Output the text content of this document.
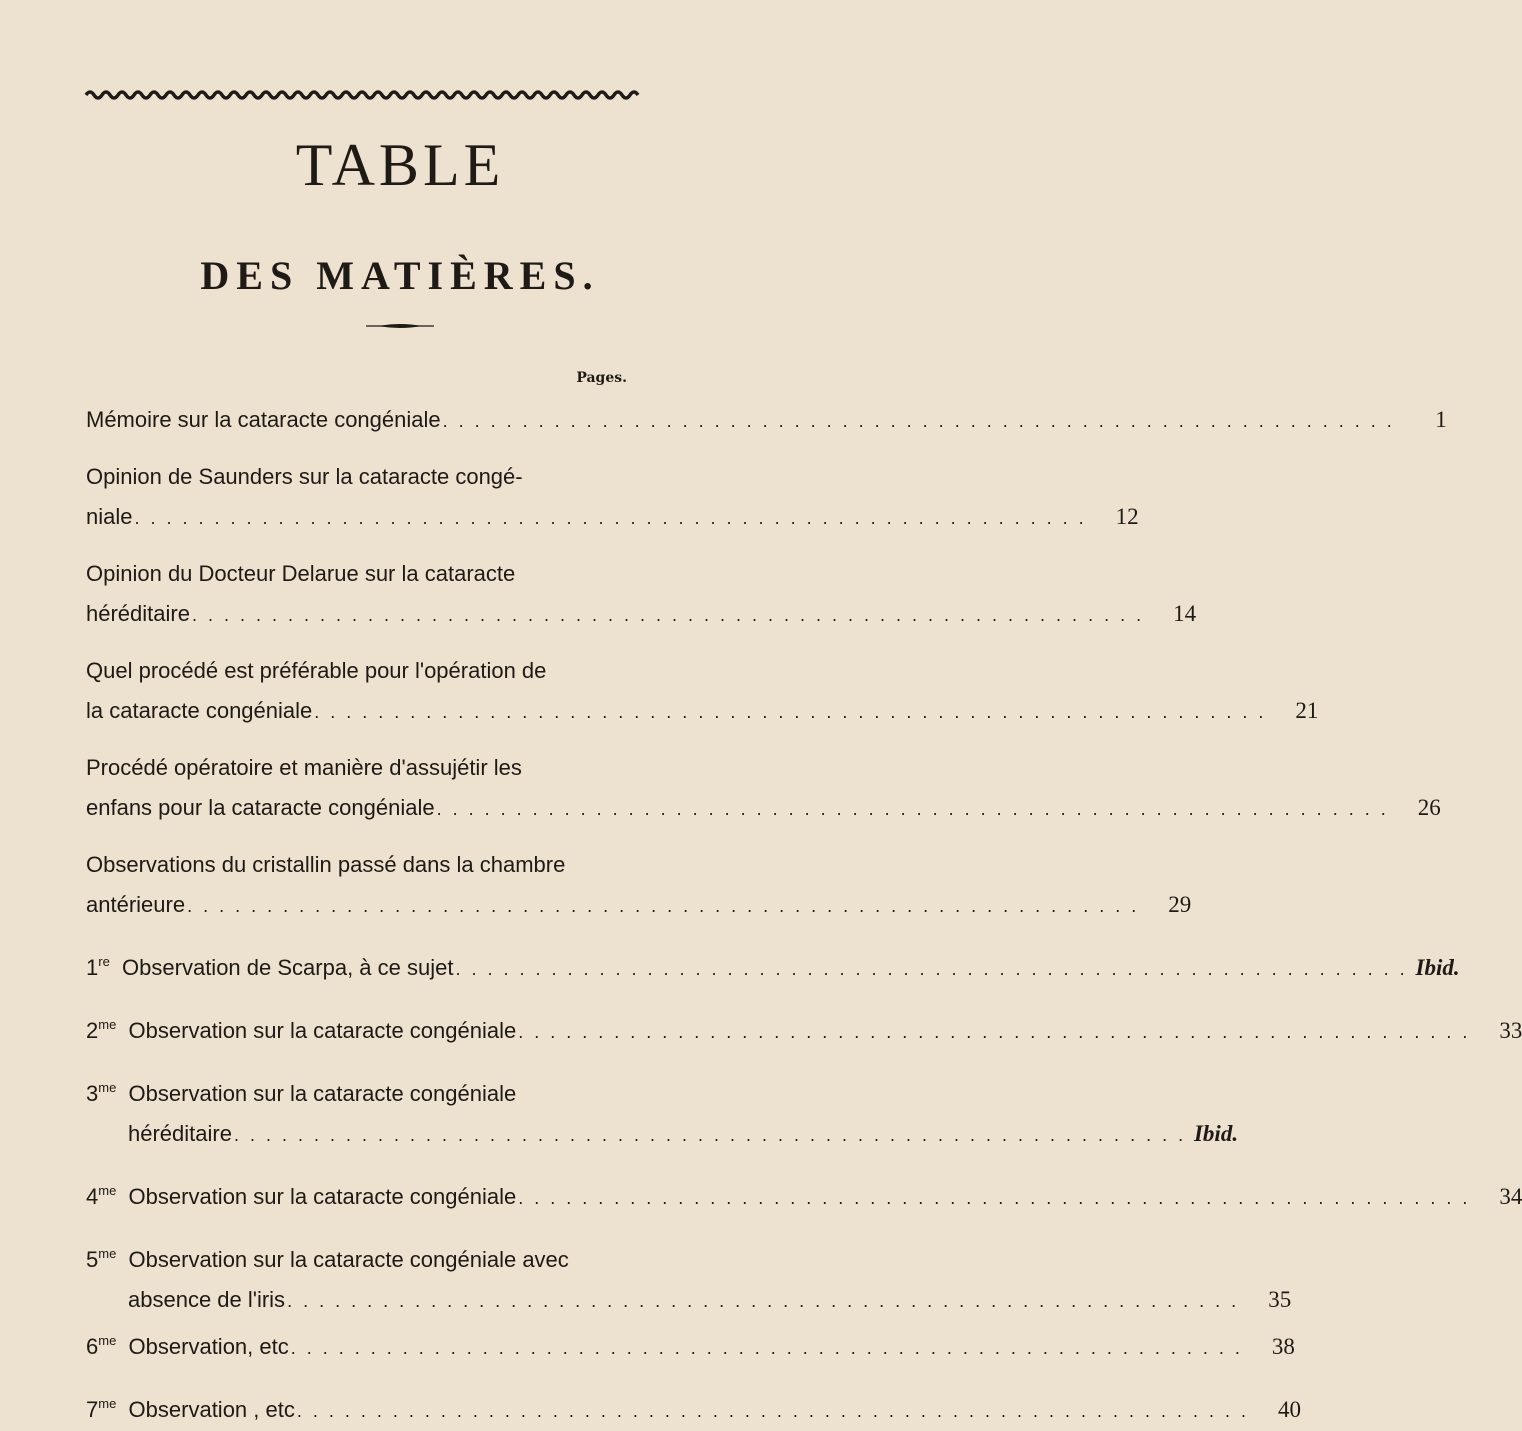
TABLE
DES MATIÈRES.
Pages.
Mémoire sur la cataracte congéniale . . . . . . . . . . . . . . . . . . . . . . . . . . . . . . . . . . . . . . . . . . . . . . . . . . . . . . . . . . . .	1
Opinion de Saunders sur la cataracte congé-
niale . . . . . . . . . . . . . . . . . . . . . . . . . . . . . . . . . . . . . . . . . . . . . . . . . . . . . . . . . . . .	12
Opinion du Docteur Delarue sur la cataracte
héréditaire . . . . . . . . . . . . . . . . . . . . . . . . . . . . . . . . . . . . . . . . . . . . . . . . . . . . . . . . . . . .	14
Quel procédé est préférable pour l'opération de
la cataracte congéniale . . . . . . . . . . . . . . . . . . . . . . . . . . . . . . . . . . . . . . . . . . . . . . . . . . . . . . . . . . . .	21
Procédé opératoire et manière d'assujétir les
enfans pour la cataracte congéniale . . . . . . . . . . . . . . . . . . . . . . . . . . . . . . . . . . . . . . . . . . . . . . . . . . . . . . . . . . . .	26
Observations du cristallin passé dans la chambre
antérieure . . . . . . . . . . . . . . . . . . . . . . . . . . . . . . . . . . . . . . . . . . . . . . . . . . . . . . . . . . . .	29
1re Observation de Scarpa, à ce sujet . . . . . . . . . . . . . . . . . . . . . . . . . . . . . . . . . . . . . . . . . . . . . . . . . . . . . . . . . . . . Ibid.
$2^{me}$ Observation sur la cataracte congéniale . . . . . . . . . . . . . . . . . . . . . . . . . . . . . . . . . . . . . . . . . . . . . . . . . . . . . . . . . . . .	33
$3^{me}$ Observation sur la cataracte congéniale
héréditaire . . . . . . . . . . . . . . . . . . . . . . . . . . . . . . . . . . . . . . . . . . . . . . . . . . . . . . . . . . . . Ibid.
$4^{me}$ Observation sur la cataracte congéniale . . . . . . . . . . . . . . . . . . . . . . . . . . . . . . . . . . . . . . . . . . . . . . . . . . . . . . . . . . . .	34
$5^{me}$ Observation sur la cataracte congéniale avec
absence de l'iris . . . . . . . . . . . . . . . . . . . . . . . . . . . . . . . . . . . . . . . . . . . . . . . . . . . . . . . . . . . .	35
$6^{me}$ Observation, etc . . . . . . . . . . . . . . . . . . . . . . . . . . . . . . . . . . . . . . . . . . . . . . . . . . . . . . . . . . . .	38
$7^{me}$ Observation , etc . . . . . . . . . . . . . . . . . . . . . . . . . . . . . . . . . . . . . . . . . . . . . . . . . . . . . . . . . . . .	40
